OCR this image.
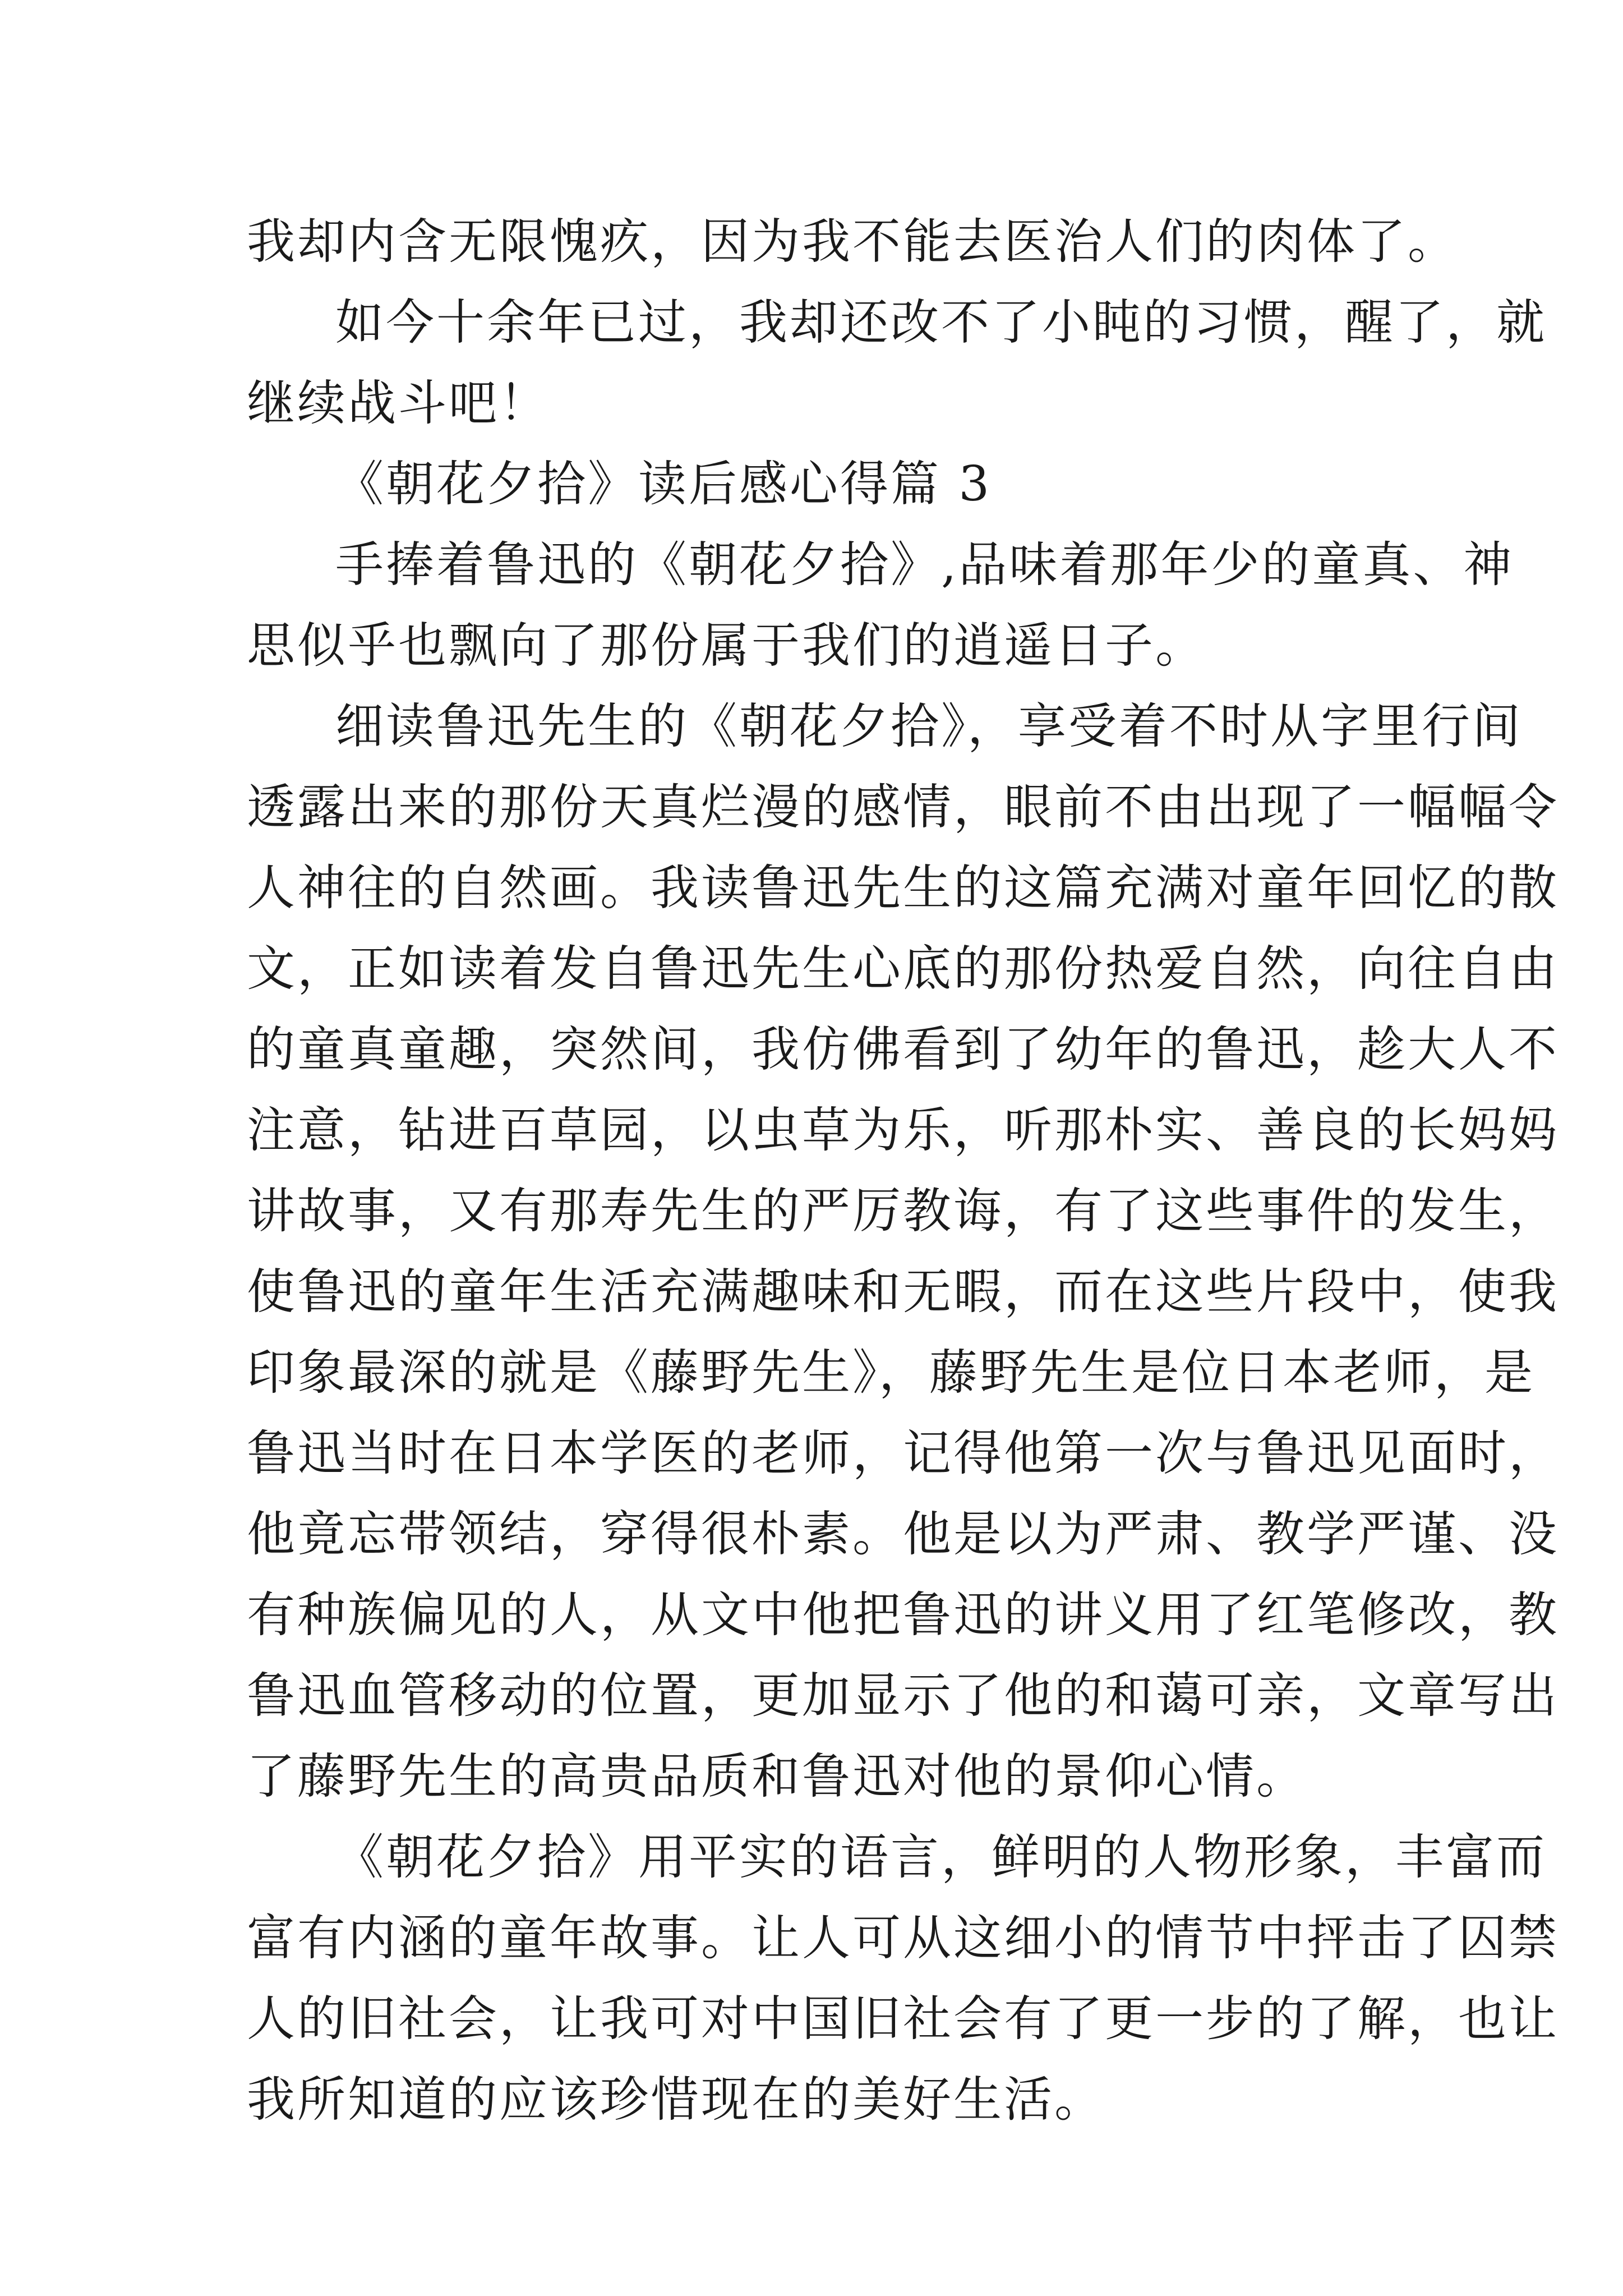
我却内含无限愧疚，因为我不能去医治人们的肉体了。
如今十余年已过，我却还改不了小盹的习惯，醒了，就
继续战斗吧！
《朝花夕拾》读后感心得篇 3
手捧着鲁迅的《朝花夕拾》,品味着那年少的童真、神
思似乎也飘向了那份属于我们的逍遥日子。
细读鲁迅先生的《朝花夕拾》，享受着不时从字里行间
透露出来的那份天真烂漫的感情，眼前不由出现了一幅幅令
人神往的自然画。我读鲁迅先生的这篇充满对童年回忆的散
文，正如读着发自鲁迅先生心底的那份热爱自然，向往自由
的童真童趣，突然间，我仿佛看到了幼年的鲁迅，趁大人不
注意，钻进百草园，以虫草为乐，听那朴实、善良的长妈妈
讲故事，又有那寿先生的严厉教诲，有了这些事件的发生，
使鲁迅的童年生活充满趣味和无暇，而在这些片段中，使我
印象最深的就是《藤野先生》，藤野先生是位日本老师，是
鲁迅当时在日本学医的老师，记得他第一次与鲁迅见面时，
他竟忘带领结，穿得很朴素。他是以为严肃、教学严谨、没
有种族偏见的人，从文中他把鲁迅的讲义用了红笔修改，教
鲁迅血管移动的位置，更加显示了他的和蔼可亲，文章写出
了藤野先生的高贵品质和鲁迅对他的景仰心情。
《朝花夕拾》用平实的语言，鲜明的人物形象，丰富而
富有内涵的童年故事。让人可从这细小的情节中抨击了囚禁
人的旧社会，让我可对中国旧社会有了更一步的了解，也让
我所知道的应该珍惜现在的美好生活。
